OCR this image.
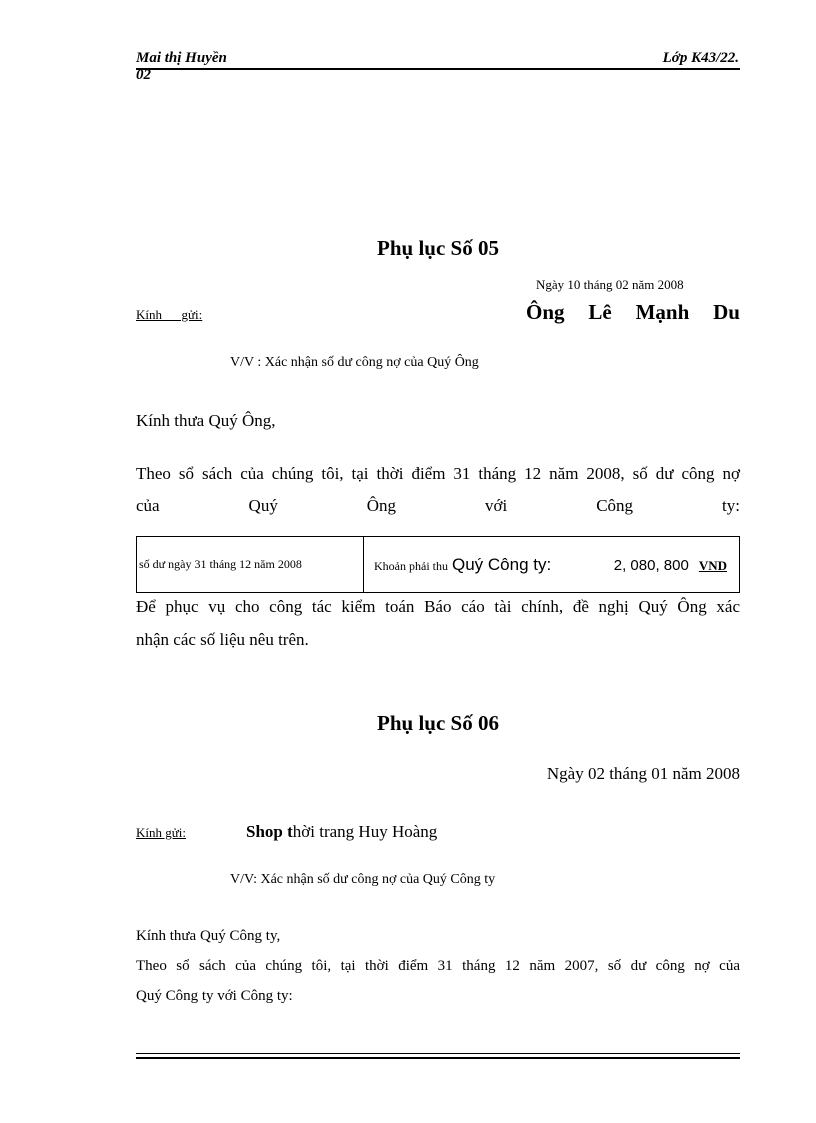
Mai thị Huyền
02
Lớp K43/22.
Phụ lục Số 05
Ngày 10 tháng 02 năm 2008
Kính      gửi:	Ông Lê Mạnh Du
V/V : Xác nhận số dư công nợ của Quý Ông
Kính thưa Quý Ông,
Theo sổ sách của chúng tôi, tại thời điểm 31 tháng 12 năm 2008, số dư công nợ
của	Quý	Ông	với	Công	ty:
số dư ngày 31 tháng 12 năm 2008	Khoản phải thu Quý Công ty:	2, 080, 800 VND
Để phục vụ cho công tác kiểm toán Báo cáo tài chính, đề nghị Quý Ông xác
nhận các số liệu nêu trên.
Phụ lục Số 06
Ngày 02 tháng 01 năm 2008
Kính gửi:	Shop thời trang Huy Hoàng
V/V: Xác nhận số dư công nợ của Quý Công ty
Kính thưa Quý Công ty,
Theo sổ sách của chúng tôi, tại thời điểm 31 tháng 12 năm 2007, số dư công nợ của
Quý Công ty với Công ty:
